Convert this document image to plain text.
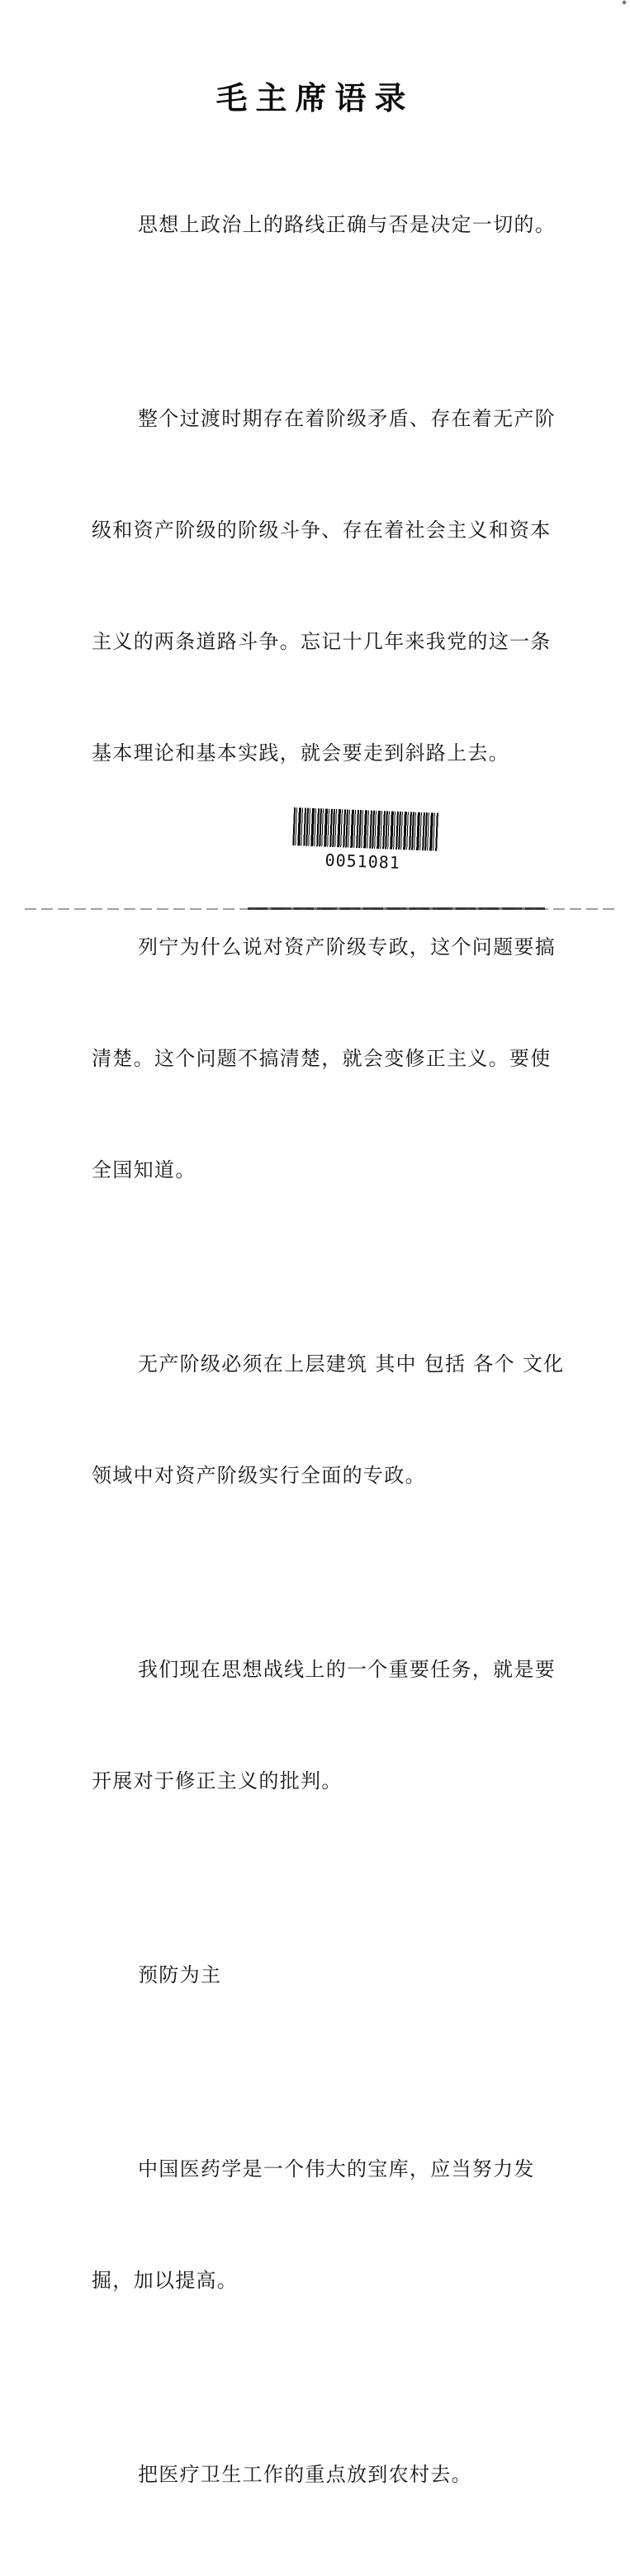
毛主席语录

思想上政治上的路线正确与否是决定一切的。

整个过渡时期存在着阶级矛盾、存在着无产阶

级和资产阶级的阶级斗争、存在着社会主义和资本

主义的两条道路斗争。忘记十几年来我党的这一条

基本理论和基本实践，就会要走到斜路上去。

列宁为什么说对资产阶级专政，这个问题要搞

清楚。这个问题不搞清楚，就会变修正主义。要使

全国知道。

无产阶级必须在上层建筑 其中 包括 各个 文化

领域中对资产阶级实行全面的专政。

我们现在思想战线上的一个重要任务，就是要

开展对于修正主义的批判。

预防为主

中国医药学是一个伟大的宝库，应当努力发

掘，加以提高。

把医疗卫生工作的重点放到农村去。

0051081
